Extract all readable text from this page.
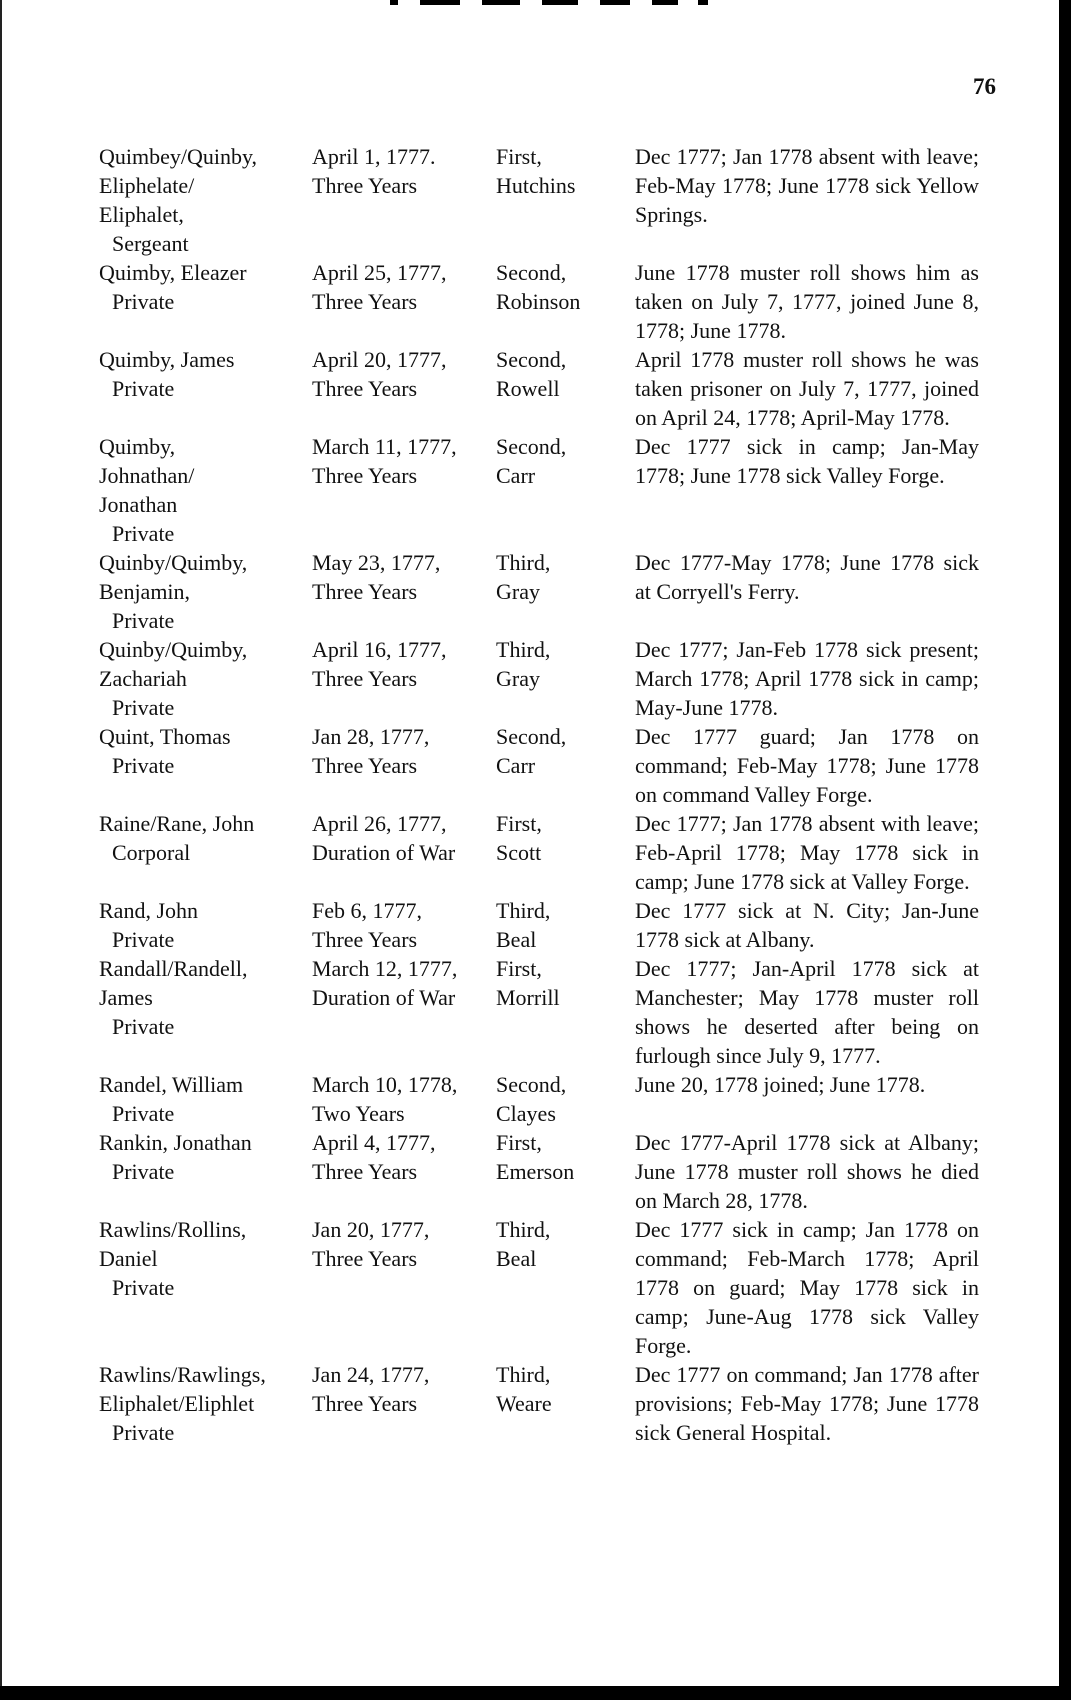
76
Quimbey/Quinby,
Eliphelate/
Eliphalet,
Sergeant
April 1, 1777.
Three Years
First,
Hutchins
Dec 1777; Jan 1778 absent with leave; Feb-May 1778; June 1778 sick Yellow Springs.
Quimby, Eleazer
Private
April 25, 1777,
Three Years
Second,
Robinson
June 1778 muster roll shows him as taken on July 7, 1777, joined June 8, 1778; June 1778.
Quimby, James
Private
April 20, 1777,
Three Years
Second,
Rowell
April 1778 muster roll shows he was taken prisoner on July 7, 1777, joined on April 24, 1778; April-May 1778.
Quimby,
Johnathan/
Jonathan
Private
March 11, 1777,
Three Years
Second,
Carr
Dec 1777 sick in camp; Jan-May 1778; June 1778 sick Valley Forge.
Quinby/Quimby,
Benjamin,
Private
May 23, 1777,
Three Years
Third,
Gray
Dec 1777-May 1778; June 1778 sick at Corryell's Ferry.
Quinby/Quimby,
Zachariah
Private
April 16, 1777,
Three Years
Third,
Gray
Dec 1777; Jan-Feb 1778 sick present; March 1778; April 1778 sick in camp; May-June 1778.
Quint, Thomas
Private
Jan 28, 1777,
Three Years
Second,
Carr
Dec 1777 guard; Jan 1778 on command; Feb-May 1778; June 1778 on command Valley Forge.
Raine/Rane, John
Corporal
April 26, 1777,
Duration of War
First,
Scott
Dec 1777; Jan 1778 absent with leave; Feb-April 1778; May 1778 sick in camp; June 1778 sick at Valley Forge.
Rand, John
Private
Feb 6, 1777,
Three Years
Third,
Beal
Dec 1777 sick at N. City; Jan-June 1778 sick at Albany.
Randall/Randell,
James
Private
March 12, 1777,
Duration of War
First,
Morrill
Dec 1777; Jan-April 1778 sick at Manchester; May 1778 muster roll shows he deserted after being on furlough since July 9, 1777.
Randel, William
Private
March 10, 1778,
Two Years
Second,
Clayes
June 20, 1778 joined; June 1778.
Rankin, Jonathan
Private
April 4, 1777,
Three Years
First,
Emerson
Dec 1777-April 1778 sick at Albany; June 1778 muster roll shows he died on March 28, 1778.
Rawlins/Rollins,
Daniel
Private
Jan 20, 1777,
Three Years
Third,
Beal
Dec 1777 sick in camp; Jan 1778 on command; Feb-March 1778; April 1778 on guard; May 1778 sick in camp; June-Aug 1778 sick Valley Forge.
Rawlins/Rawlings,
Eliphalet/Eliphlet
Private
Jan 24, 1777,
Three Years
Third,
Weare
Dec 1777 on command; Jan 1778 after provisions; Feb-May 1778; June 1778 sick General Hospital.
